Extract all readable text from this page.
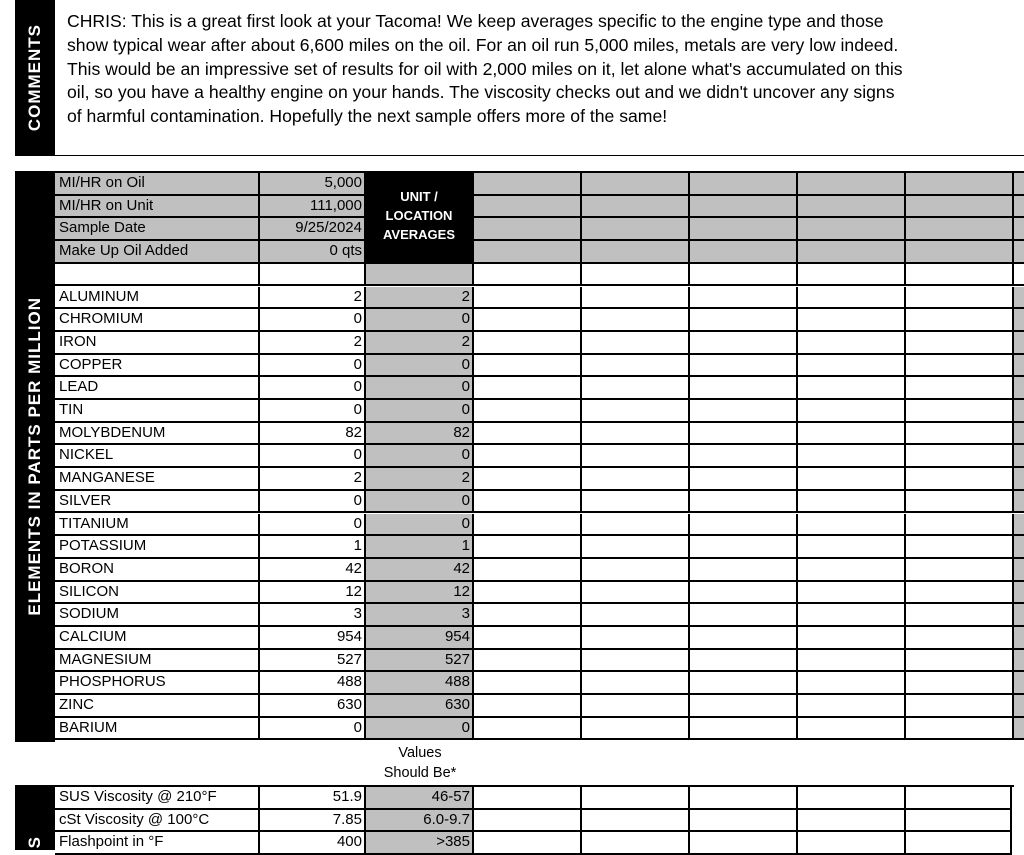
COMMENTS
CHRIS: This is a great first look at your Tacoma! We keep averages specific to the engine type and those
show typical wear after about 6,600 miles on the oil. For an oil run 5,000 miles, metals are very low indeed.
This would be an impressive set of results for oil with 2,000 miles on it, let alone what's accumulated on this
oil, so you have a healthy engine on your hands. The viscosity checks out and we didn't uncover any signs
of harmful contamination. Hopefully the next sample offers more of the same!
ELEMENTS IN PARTS PER MILLION
MI/HR on Oil	5,000
MI/HR on Unit	111,000
Sample Date	9/25/2024
Make Up Oil Added	0 qts
UNIT /
LOCATION
AVERAGES
ALUMINUM	2	2
CHROMIUM	0	0
IRON	2	2
COPPER	0	0
LEAD	0	0
TIN	0	0
MOLYBDENUM	82	82
NICKEL	0	0
MANGANESE	2	2
SILVER	0	0
TITANIUM	0	0
POTASSIUM	1	1
BORON	42	42
SILICON	12	12
SODIUM	3	3
CALCIUM	954	954
MAGNESIUM	527	527
PHOSPHORUS	488	488
ZINC	630	630
BARIUM	0	0
Values
Should Be*
S
SUS Viscosity @ 210°F	51.9	46-57
cSt Viscosity @ 100°C	7.85	6.0-9.7
Flashpoint in °F	400	>385
